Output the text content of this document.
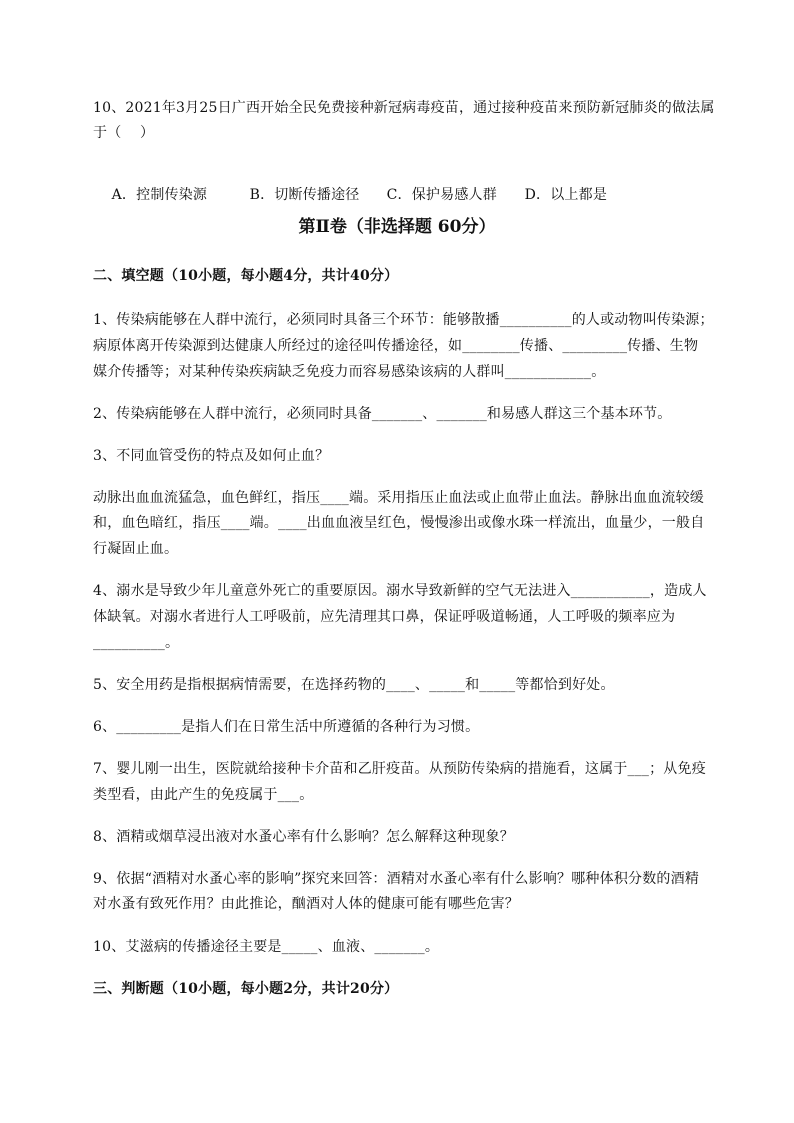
10、2021年3月25日广西开始全民免费接种新冠病毒疫苗，通过接种疫苗来预防新冠肺炎的做法属
于（    ）

A．控制传染源	B．切断传播途径 C．保护易感人群 D．以上都是

第Ⅱ卷（非选择题 60分）
二、填空题（10小题，每小题4分，共计40分）
1、传染病能够在人群中流行，必须同时具备三个环节：能够散播__________的人或动物叫传染源；
病原体离开传染源到达健康人所经过的途径叫传播途径，如________传播、_________传播、生物
媒介传播等；对某种传染疾病缺乏免疫力而容易感染该病的人群叫____________。
2、传染病能够在人群中流行，必须同时具备_______、_______和易感人群这三个基本环节。
3、不同血管受伤的特点及如何止血？
动脉出血血流猛急，血色鲜红，指压____端。采用指压止血法或止血带止血法。静脉出血血流较缓
和，血色暗红，指压____端。____出血血液呈红色，慢慢渗出或像水珠一样流出，血量少，一般自
行凝固止血。
4、溺水是导致少年儿童意外死亡的重要原因。溺水导致新鲜的空气无法进入___________，造成人
体缺氧。对溺水者进行人工呼吸前，应先清理其口鼻，保证呼吸道畅通，人工呼吸的频率应为
__________。
5、安全用药是指根据病情需要，在选择药物的____、_____和_____等都恰到好处。
6、_________是指人们在日常生活中所遵循的各种行为习惯。
7、婴儿刚一出生，医院就给接种卡介苗和乙肝疫苗。从预防传染病的措施看，这属于___；从免疫
类型看，由此产生的免疫属于___。
8、酒精或烟草浸出液对水蚤心率有什么影响？怎么解释这种现象？
9、依据“酒精对水蚤心率的影响”探究来回答：酒精对水蚤心率有什么影响？哪种体积分数的酒精
对水蚤有致死作用？由此推论，酗酒对人体的健康可能有哪些危害？
10、艾滋病的传播途径主要是_____、血液、_______。
三、判断题（10小题，每小题2分，共计20分）
